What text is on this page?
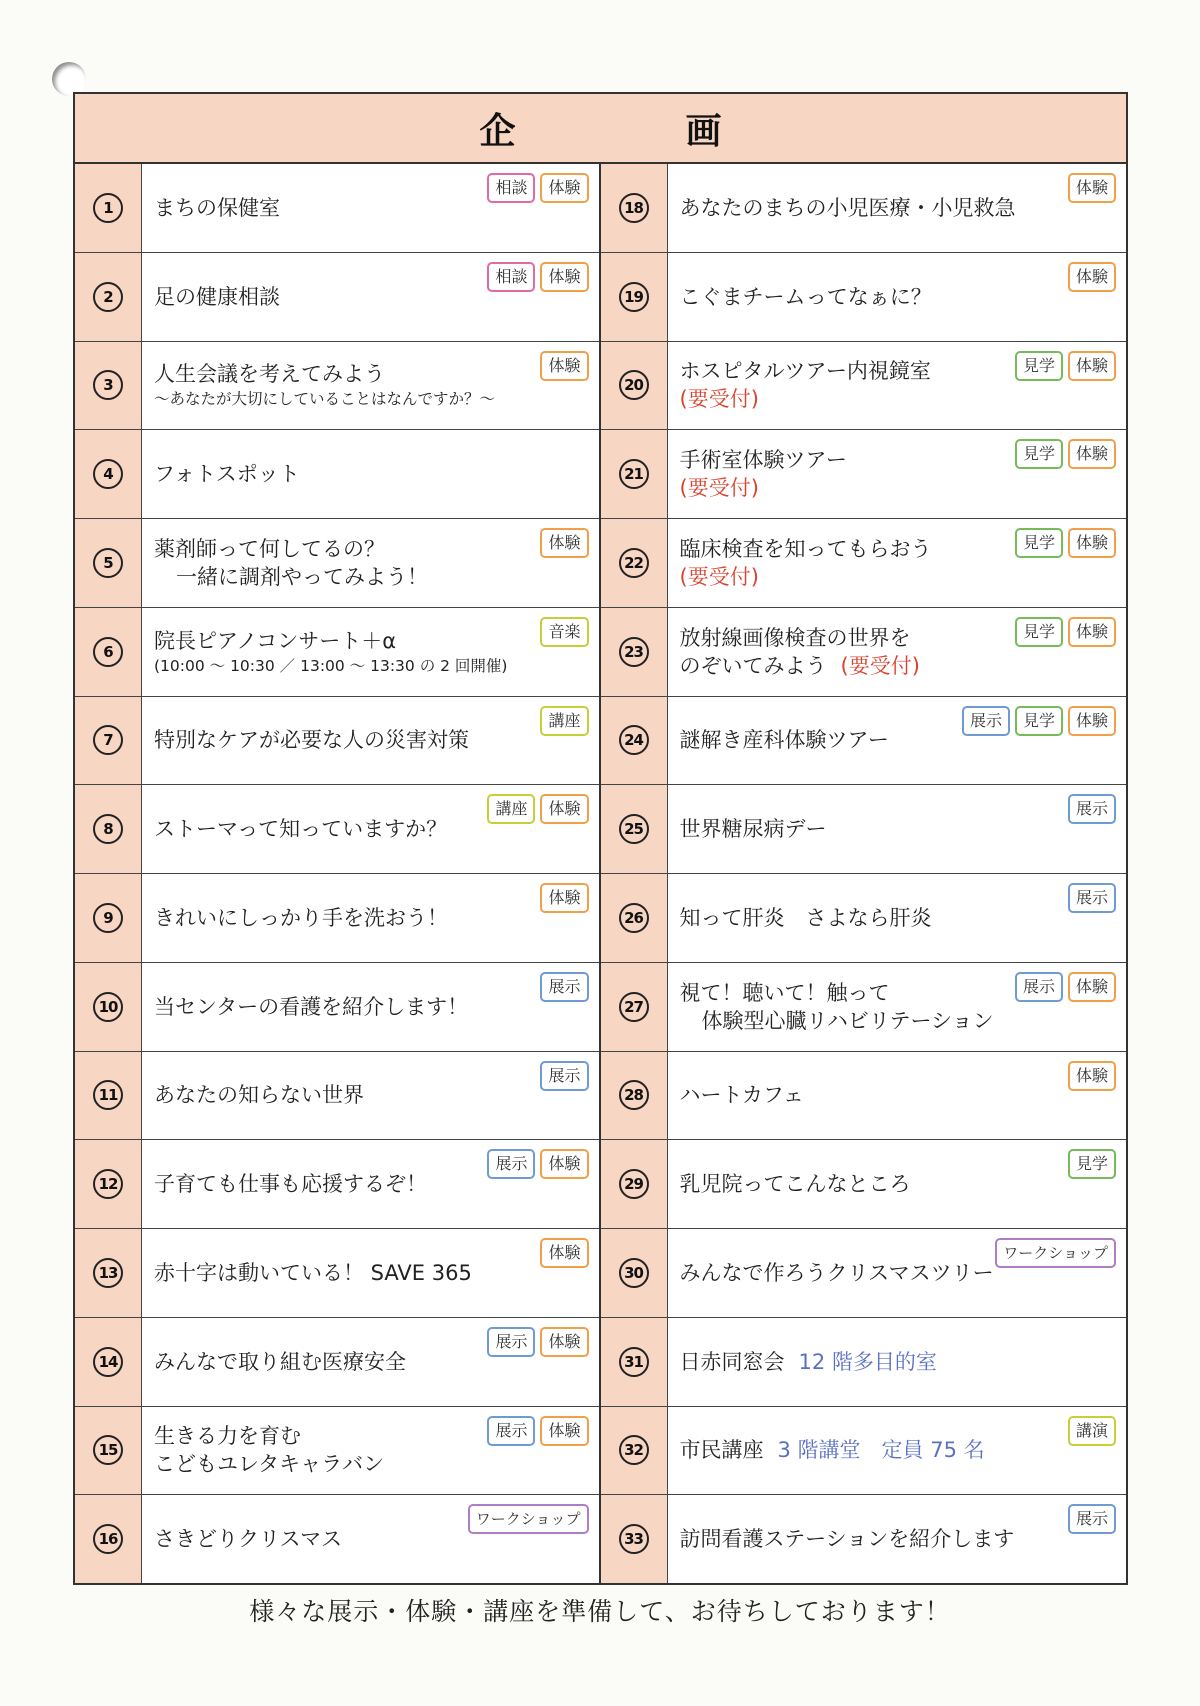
企	画
1	まちの保健室
相談	体験
2	足の健康相談
相談	体験
3	人生会議を考えてみよう
〜あなたが大切にしていることはなんですか？〜
体験
4	フォトスポット
5
薬剤師って何してるの？
一緒に調剤やってみよう！
体験
6	院長ピアノコンサート＋α
(10:00 〜 10:30 ／ 13:00 〜 13:30 の 2 回開催)
音楽
7	特別なケアが必要な人の災害対策
講座
8	ストーマって知っていますか？
講座	体験
9	きれいにしっかり手を洗おう！
体験
10 当センターの看護を紹介します！
展示
11 あなたの知らない世界
展示
12 子育ても仕事も応援するぞ！
展示	体験
13 赤十字は動いている！ SAVE 365
体験
14 みんなで取り組む医療安全
展示	体験
15
生きる力を育む
こどもユレタキャラバン
展示	体験
16 さきどりクリスマス
ワークショップ
18 あなたのまちの小児医療・小児救急
体験
19 こぐまチームってなぁに？
体験
20
ホスピタルツアー内視鏡室
(要受付)
見学	体験
21
手術室体験ツアー
(要受付)
見学	体験
22
臨床検査を知ってもらおう
(要受付)
見学	体験
23
放射線画像検査の世界を
のぞいてみよう (要受付)
見学	体験
24 謎解き産科体験ツアー
展示	見学	体験
25 世界糖尿病デー
展示
26 知って肝炎　さよなら肝炎
展示
27
視て！聴いて！触って
体験型心臓リハビリテーション
展示	体験
28 ハートカフェ
体験
29 乳児院ってこんなところ
見学
30 みんなで作ろうクリスマスツリー
ワークショップ
31 日赤同窓会 12 階多目的室
32 市民講座 3 階講堂　定員 75 名
講演
33 訪問看護ステーションを紹介します
展示
様々な展示・体験・講座を準備して、お待ちしております！
